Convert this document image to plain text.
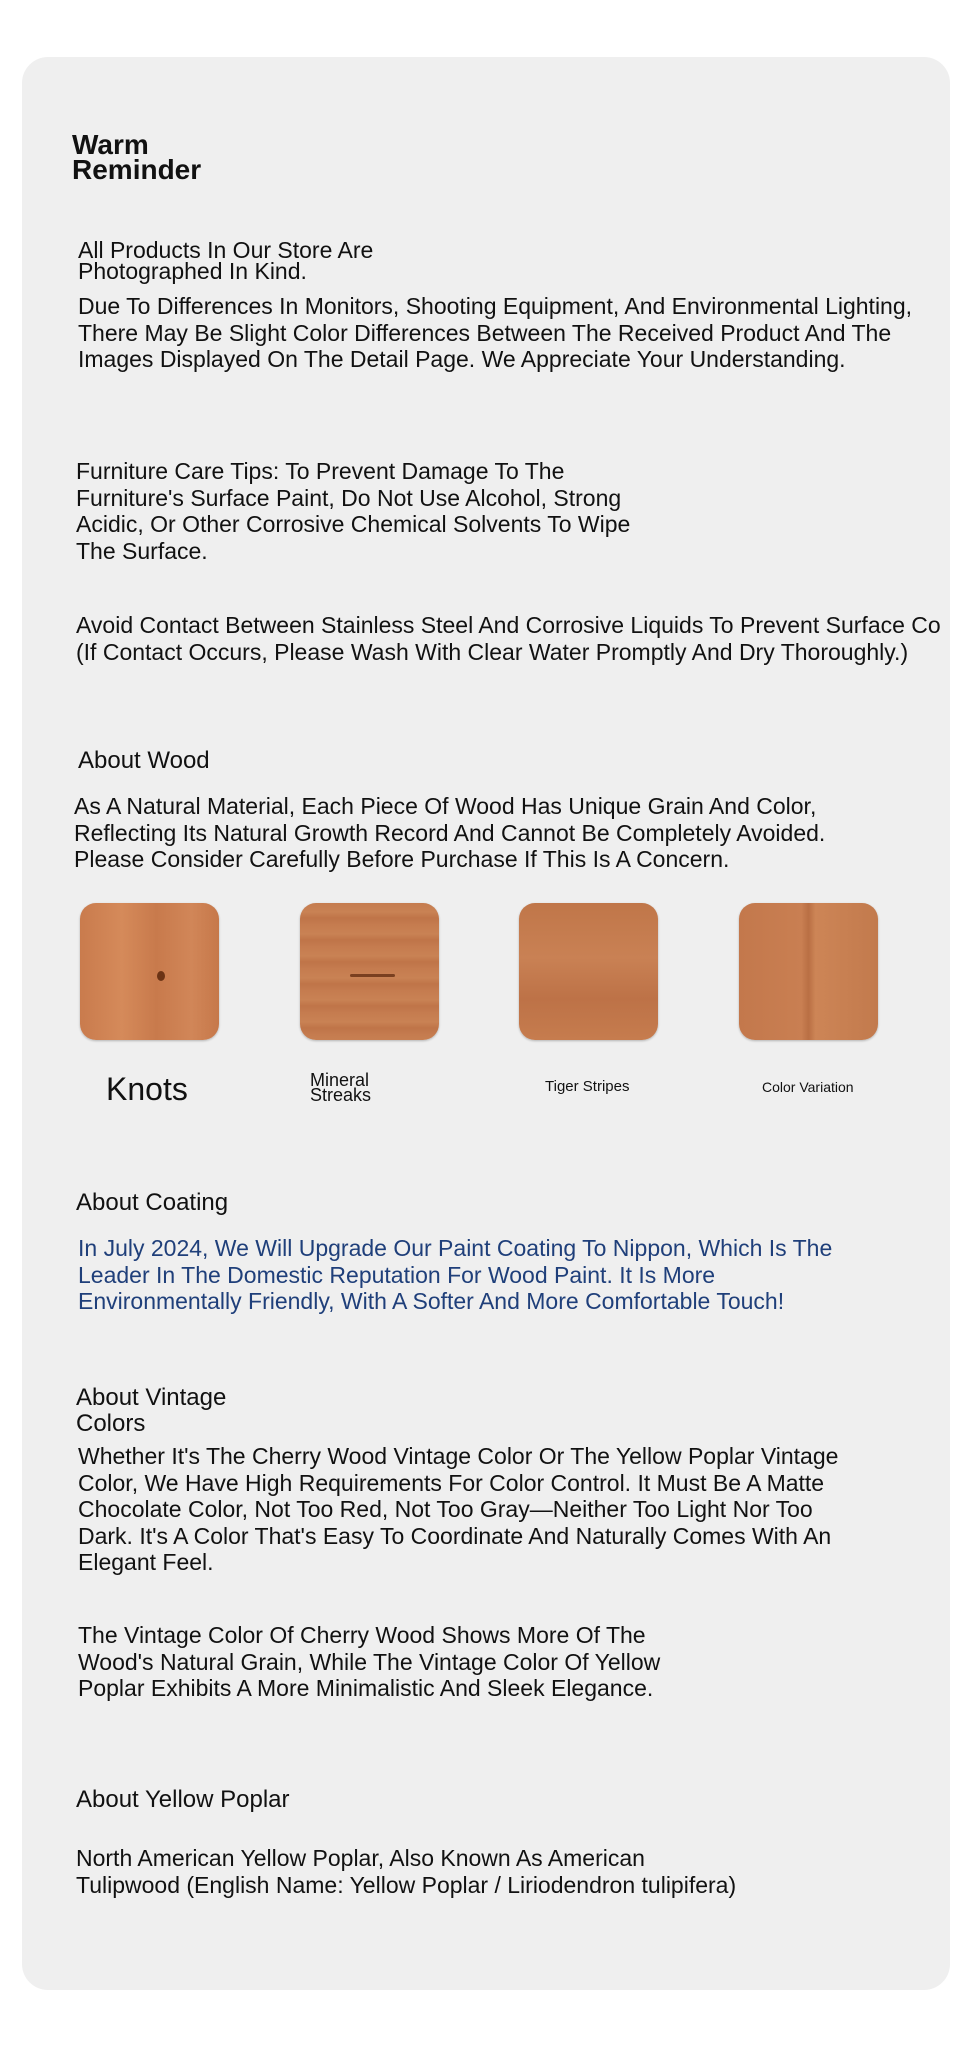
Warm
Reminder
All Products In Our Store Are
Photographed In Kind.
Due To Differences In Monitors, Shooting Equipment, And Environmental Lighting,
There May Be Slight Color Differences Between The Received Product And The
Images Displayed On The Detail Page. We Appreciate Your Understanding.
Furniture Care Tips: To Prevent Damage To The
Furniture's Surface Paint, Do Not Use Alcohol, Strong
Acidic, Or Other Corrosive Chemical Solvents To Wipe
The Surface.
Avoid Contact Between Stainless Steel And Corrosive Liquids To Prevent Surface Co
(If Contact Occurs, Please Wash With Clear Water Promptly And Dry Thoroughly.)
About Wood
As A Natural Material, Each Piece Of Wood Has Unique Grain And Color,
Reflecting Its Natural Growth Record And Cannot Be Completely Avoided.
Please Consider Carefully Before Purchase If This Is A Concern.
Knots	Mineral
Streaks	Tiger Stripes	Color Variation
About Coating
In July 2024, We Will Upgrade Our Paint Coating To Nippon, Which Is The
Leader In The Domestic Reputation For Wood Paint. It Is More
Environmentally Friendly, With A Softer And More Comfortable Touch!
About Vintage
Colors
Whether It's The Cherry Wood Vintage Color Or The Yellow Poplar Vintage
Color, We Have High Requirements For Color Control. It Must Be A Matte
Chocolate Color, Not Too Red, Not Too Gray—Neither Too Light Nor Too
Dark. It's A Color That's Easy To Coordinate And Naturally Comes With An
Elegant Feel.
The Vintage Color Of Cherry Wood Shows More Of The
Wood's Natural Grain, While The Vintage Color Of Yellow
Poplar Exhibits A More Minimalistic And Sleek Elegance.
About Yellow Poplar
North American Yellow Poplar, Also Known As American
Tulipwood (English Name: Yellow Poplar / Liriodendron tulipifera)
